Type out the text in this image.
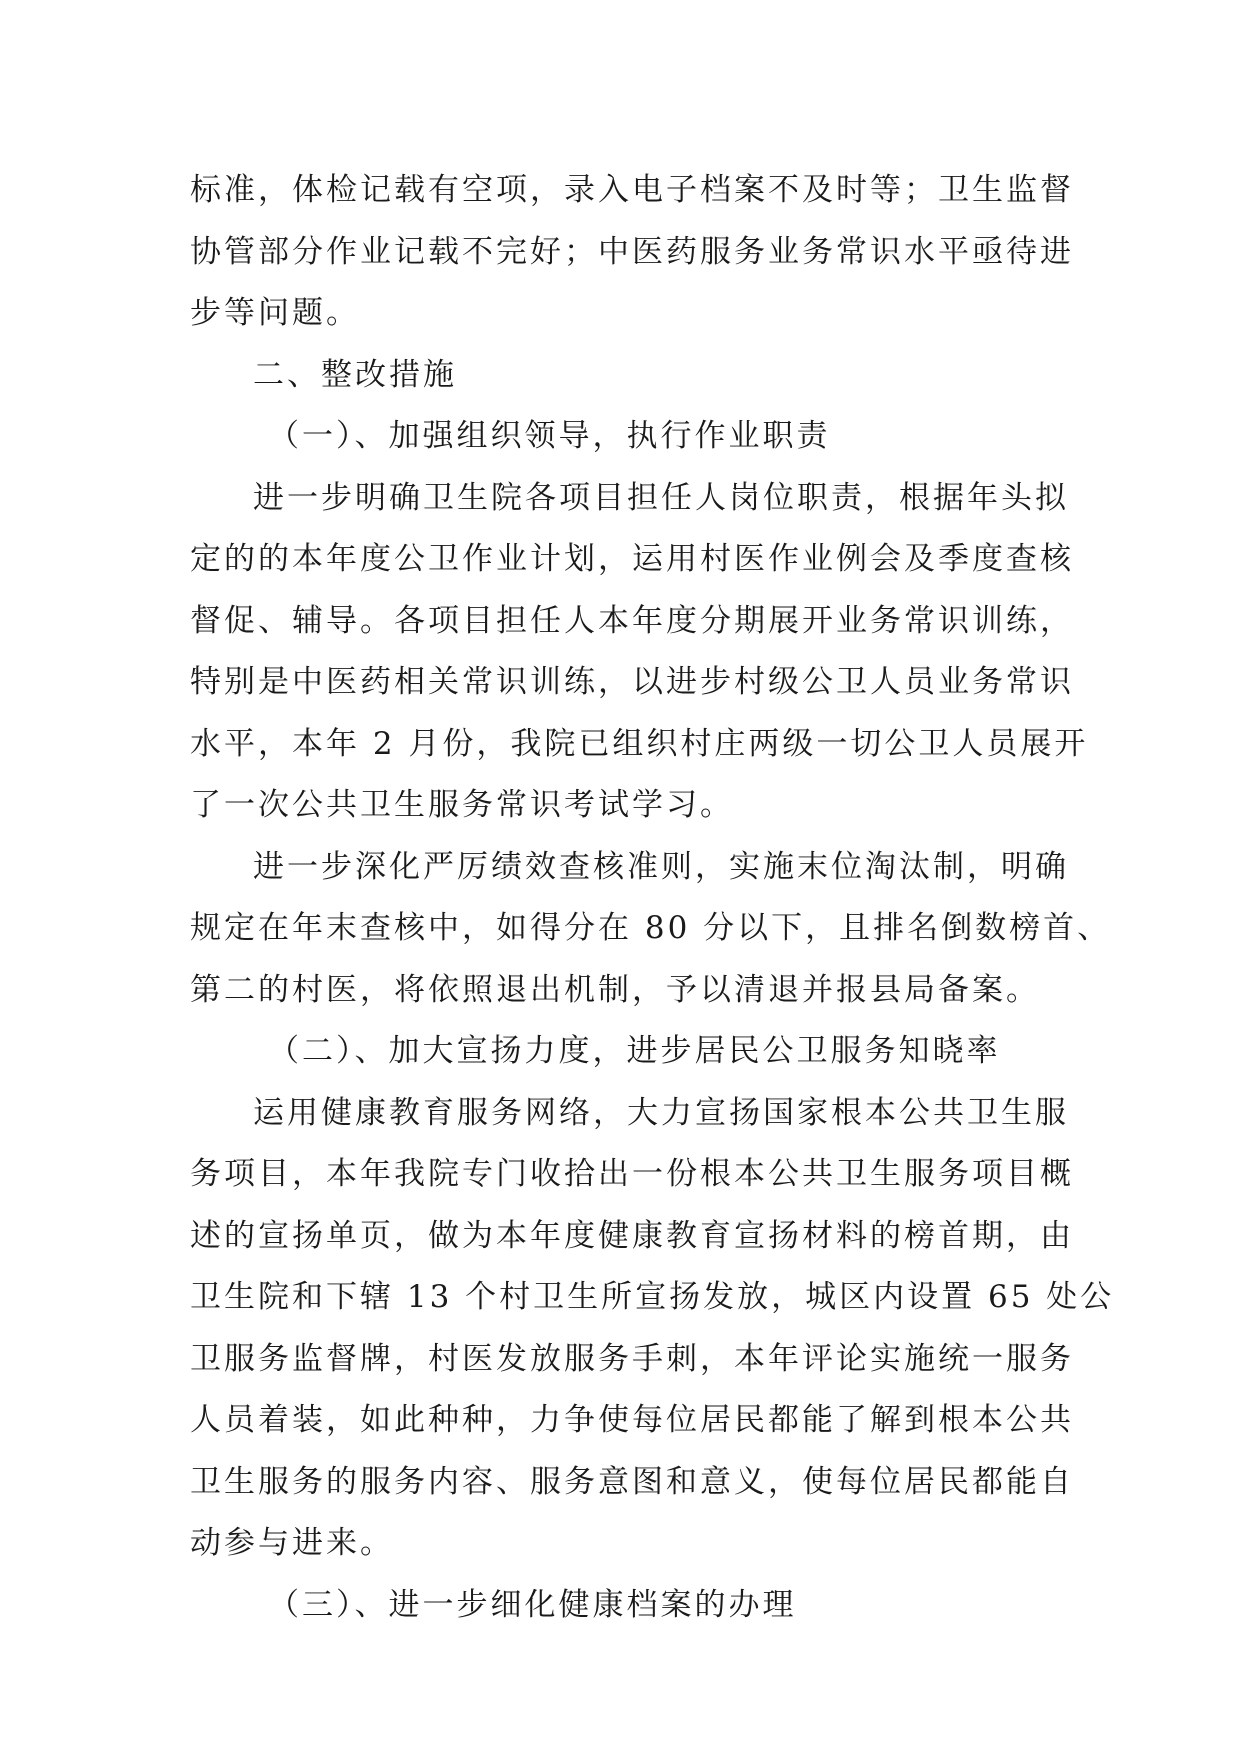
标准，体检记载有空项，录入电子档案不及时等；卫生监督
协管部分作业记载不完好；中医药服务业务常识水平亟待进
步等问题。

二、整改措施

（一）、加强组织领导，执行作业职责

进一步明确卫生院各项目担任人岗位职责，根据年头拟
定的的本年度公卫作业计划，运用村医作业例会及季度查核
督促、辅导。各项目担任人本年度分期展开业务常识训练，
特别是中医药相关常识训练，以进步村级公卫人员业务常识
水平，本年 2 月份，我院已组织村庄两级一切公卫人员展开
了一次公共卫生服务常识考试学习。

进一步深化严厉绩效查核准则，实施末位淘汰制，明确
规定在年末查核中，如得分在 80 分以下，且排名倒数榜首、
第二的村医，将依照退出机制，予以清退并报县局备案。

（二）、加大宣扬力度，进步居民公卫服务知晓率

运用健康教育服务网络，大力宣扬国家根本公共卫生服
务项目，本年我院专门收拾出一份根本公共卫生服务项目概
述的宣扬单页，做为本年度健康教育宣扬材料的榜首期，由
卫生院和下辖 13 个村卫生所宣扬发放，城区内设置 65 处公
卫服务监督牌，村医发放服务手刺，本年评论实施统一服务
人员着装，如此种种，力争使每位居民都能了解到根本公共
卫生服务的服务内容、服务意图和意义，使每位居民都能自
动参与进来。

（三）、进一步细化健康档案的办理
